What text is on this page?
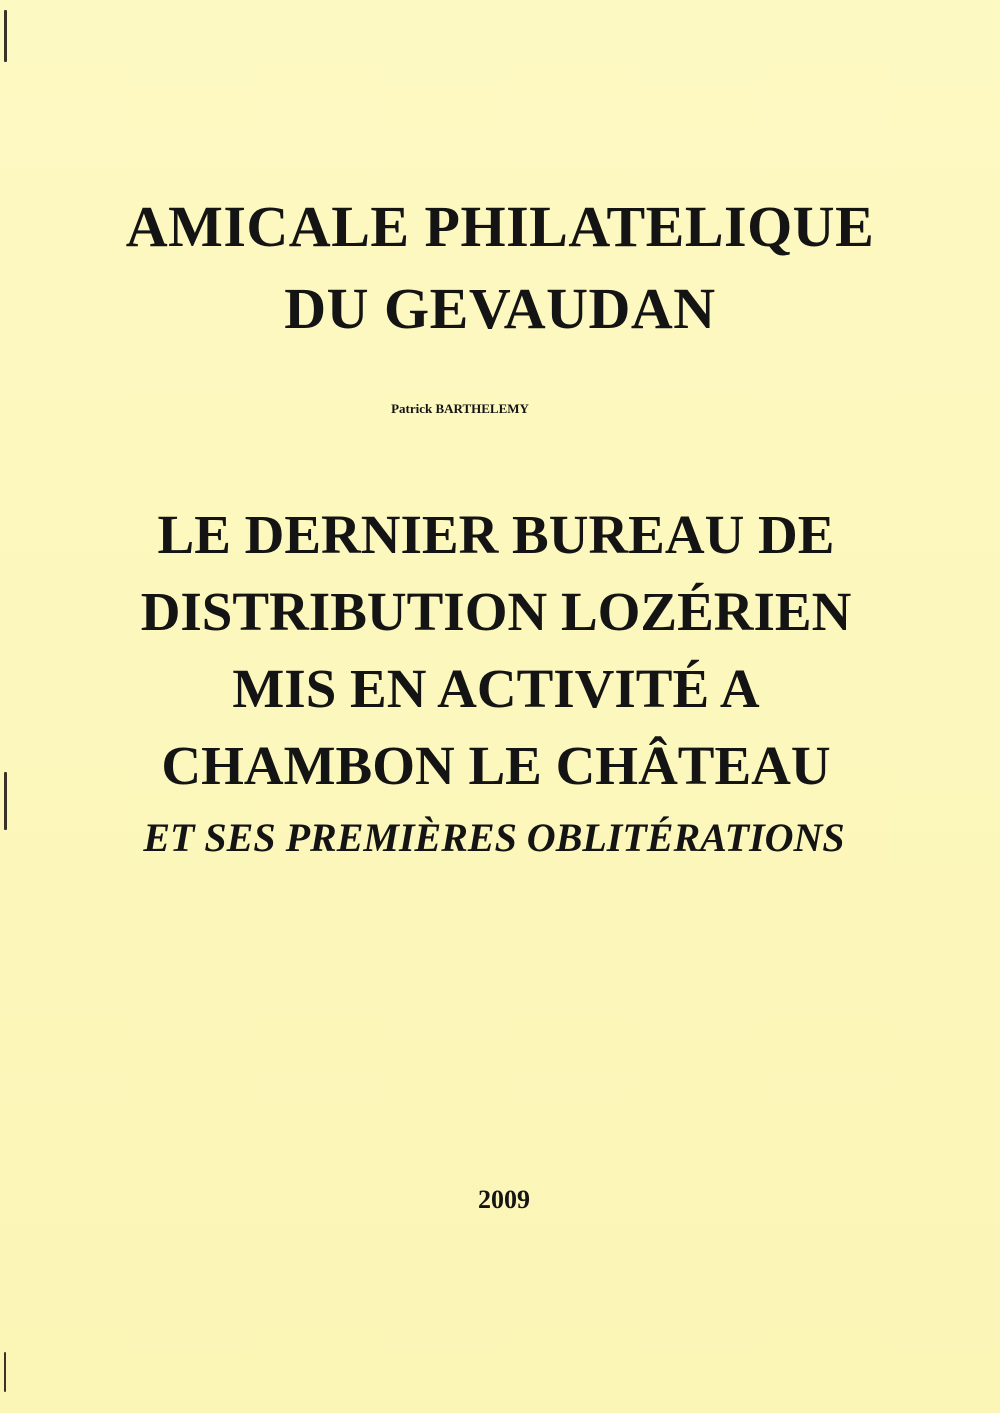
AMICALE PHILATELIQUE
DU GEVAUDAN
Patrick BARTHELEMY
LE DERNIER BUREAU DE
DISTRIBUTION LOZÉRIEN
MIS EN ACTIVITÉ A
CHAMBON LE CHÂTEAU
ET SES PREMIÈRES OBLITÉRATIONS
2009
